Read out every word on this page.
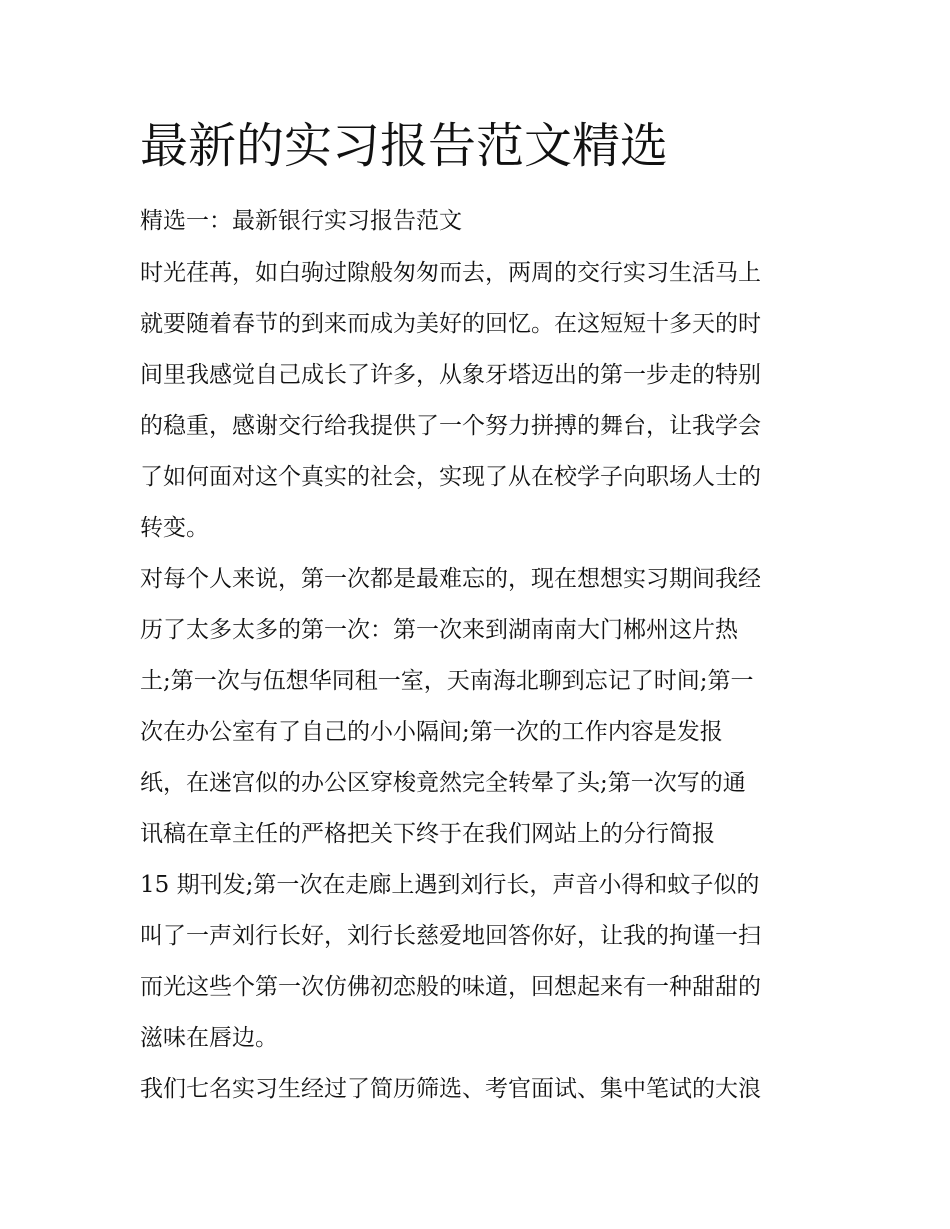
最新的实习报告范文精选

精选一：最新银行实习报告范文

时光荏苒，如白驹过隙般匆匆而去，两周的交行实习生活马上

就要随着春节的到来而成为美好的回忆。在这短短十多天的时

间里我感觉自己成长了许多，从象牙塔迈出的第一步走的特别

的稳重，感谢交行给我提供了一个努力拼搏的舞台，让我学会

了如何面对这个真实的社会，实现了从在校学子向职场人士的

转变。

对每个人来说，第一次都是最难忘的，现在想想实习期间我经

历了太多太多的第一次：第一次来到湖南南大门郴州这片热

土;第一次与伍想华同租一室，天南海北聊到忘记了时间;第一

次在办公室有了自己的小小隔间;第一次的工作内容是发报

纸，在迷宫似的办公区穿梭竟然完全转晕了头;第一次写的通

讯稿在章主任的严格把关下终于在我们网站上的分行简报

15 期刊发;第一次在走廊上遇到刘行长，声音小得和蚊子似的

叫了一声刘行长好，刘行长慈爱地回答你好，让我的拘谨一扫

而光这些个第一次仿佛初恋般的味道，回想起来有一种甜甜的

滋味在唇边。

我们七名实习生经过了简历筛选、考官面试、集中笔试的大浪
